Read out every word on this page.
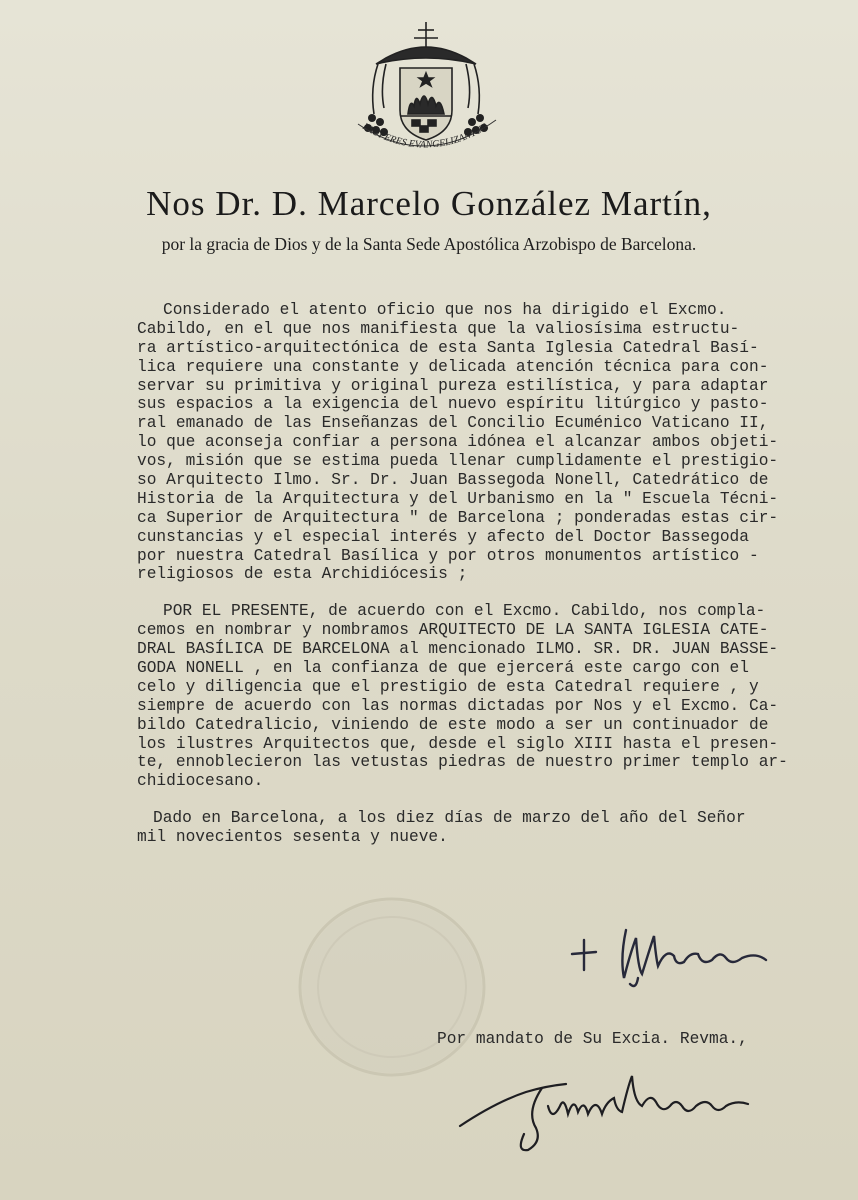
PAUPERES EVANGELIZANTUR
Nos Dr. D. Marcelo González Martín,
por la gracia de Dios y de la Santa Sede Apostólica Arzobispo de Barcelona.
Considerado el atento oficio que nos ha dirigido el Excmo.
Cabildo, en el que nos manifiesta que la valiosísima estructu-
ra artístico-arquitectónica de esta Santa Iglesia Catedral Basí-
lica requiere una constante y delicada atención técnica para con-
servar su primitiva y original pureza estilística, y para adaptar
sus espacios a la exigencia del nuevo espíritu litúrgico y pasto-
ral emanado de las Enseñanzas del Concilio Ecuménico Vaticano II,
lo que aconseja confiar a persona idónea el alcanzar ambos objeti-
vos, misión que se estima pueda llenar cumplidamente el prestigio-
so Arquitecto Ilmo. Sr. Dr. Juan Bassegoda Nonell, Catedrático de
Historia de la Arquitectura y del Urbanismo en la " Escuela Técni-
ca Superior de Arquitectura " de Barcelona ; ponderadas estas cir-
cunstancias y el especial interés y afecto del Doctor Bassegoda
por nuestra Catedral Basílica y por otros monumentos artístico -
religiosos de esta Archidiócesis ;
POR EL PRESENTE, de acuerdo con el Excmo. Cabildo, nos compla-
cemos en nombrar y nombramos ARQUITECTO DE LA SANTA IGLESIA CATE-
DRAL BASÍLICA DE BARCELONA al mencionado ILMO. SR. DR. JUAN BASSE-
GODA NONELL , en la confianza de que ejercerá este cargo con el
celo y diligencia que el prestigio de esta Catedral requiere , y
siempre de acuerdo con las normas dictadas por Nos y el Excmo. Ca-
bildo Catedralicio, viniendo de este modo a ser un continuador de
los ilustres Arquitectos que, desde el siglo XIII hasta el presen-
te, ennoblecieron las vetustas piedras de nuestro primer templo ar-
chidiocesano.
Dado en Barcelona, a los diez días de marzo del año del Señor
mil novecientos sesenta y nueve.
Por mandato de Su Excia. Revma.,
